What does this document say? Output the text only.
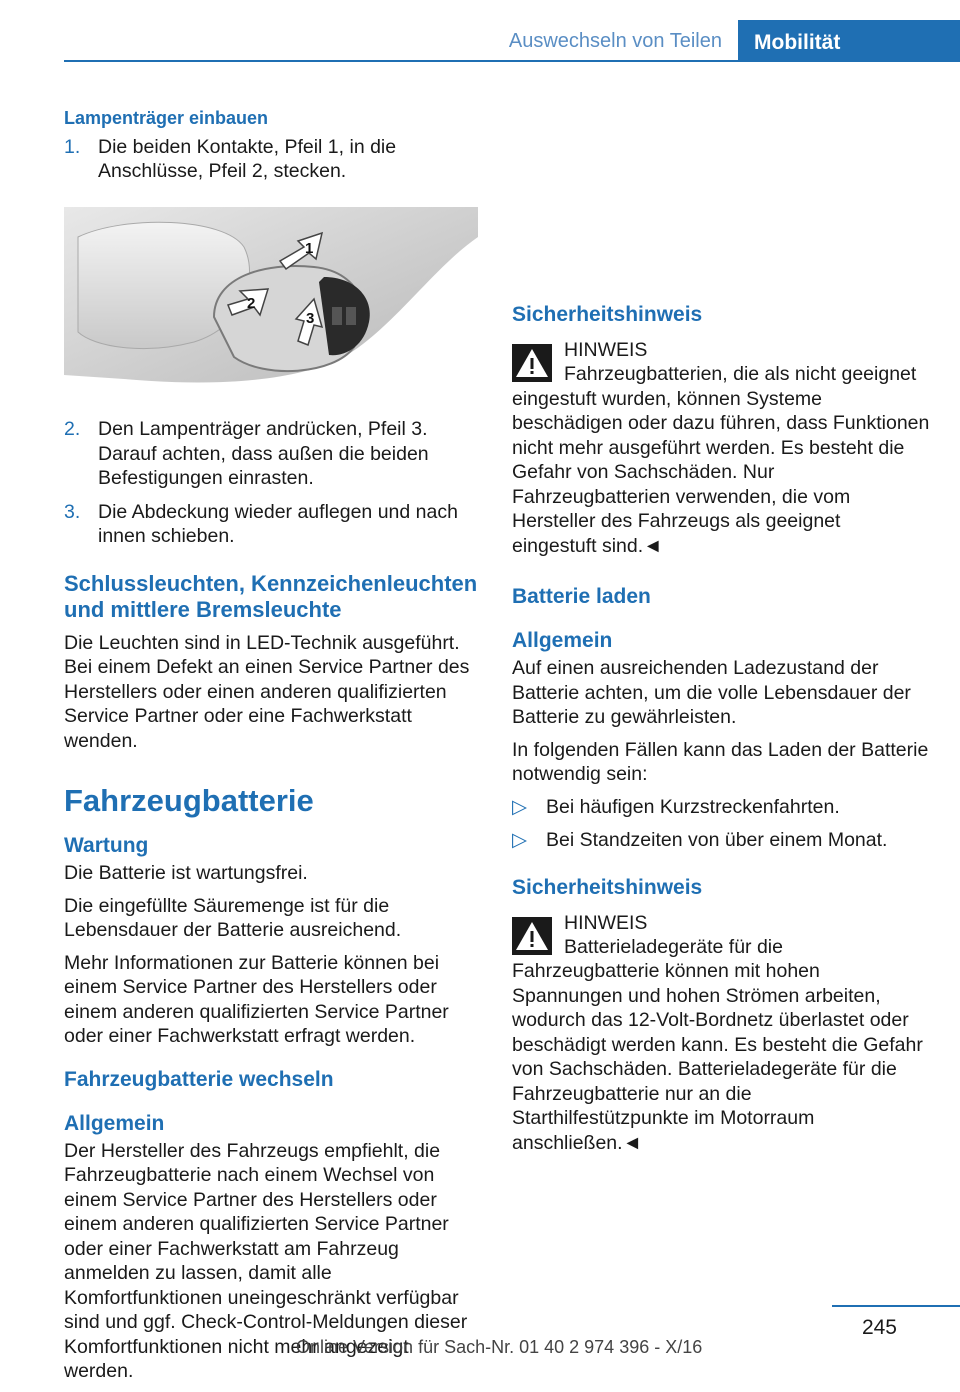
Auswechseln von Teilen	Mobilität
Lampenträger einbauen
1. Die beiden Kontakte, Pfeil 1, in die Anschlüsse, Pfeil 2, stecken.
1
2
3
2. Den Lampenträger andrücken, Pfeil 3. Darauf achten, dass außen die beiden Befestigungen einrasten.
3. Die Abdeckung wieder auflegen und nach innen schieben.
Schlussleuchten, Kennzeichenleuchten und mittlere Bremsleuchte

Die Leuchten sind in LED-Technik ausgeführt. Bei einem Defekt an einen Service Partner des Herstellers oder einen anderen qualifizierten Service Partner oder eine Fachwerkstatt wenden.

Fahrzeugbatterie
Wartung

Die Batterie ist wartungsfrei.

Die eingefüllte Säuremenge ist für die Lebensdauer der Batterie ausreichend.

Mehr Informationen zur Batterie können bei einem Service Partner des Herstellers oder einem anderen qualifizierten Service Partner oder einer Fachwerkstatt erfragt werden.

Fahrzeugbatterie wechseln
Allgemein

Der Hersteller des Fahrzeugs empfiehlt, die Fahrzeugbatterie nach einem Wechsel von einem Service Partner des Herstellers oder einem anderen qualifizierten Service Partner oder einer Fachwerkstatt am Fahrzeug anmelden zu lassen, damit alle Komfortfunktionen uneingeschränkt verfügbar sind und ggf. Check-Control-Meldungen dieser Komfortfunktionen nicht mehr angezeigt werden.

Sicherheitshinweis
HINWEIS

Fahrzeugbatterien, die als nicht geeignet eingestuft wurden, können Systeme beschädigen oder dazu führen, dass Funktionen nicht mehr ausgeführt werden. Es besteht die Gefahr von Sachschäden. Nur Fahrzeugbatterien verwenden, die vom Hersteller des Fahrzeugs als geeignet eingestuft sind.◄

Batterie laden
Allgemein

Auf einen ausreichenden Ladezustand der Batterie achten, um die volle Lebensdauer der Batterie zu gewährleisten.

In folgenden Fällen kann das Laden der Batterie notwendig sein:

▷ Bei häufigen Kurzstreckenfahrten.
▷ Bei Standzeiten von über einem Monat.
Sicherheitshinweis
HINWEIS

Batterieladegeräte für die Fahrzeugbatterie können mit hohen Spannungen und hohen Strömen arbeiten, wodurch das 12-Volt-Bordnetz überlastet oder beschädigt werden kann. Es besteht die Gefahr von Sachschäden. Batterieladegeräte für die Fahrzeugbatterie nur an die Starthilfestützpunkte im Motorraum anschließen.◄

245
Online Version für Sach-Nr. 01 40 2 974 396 - X/16
